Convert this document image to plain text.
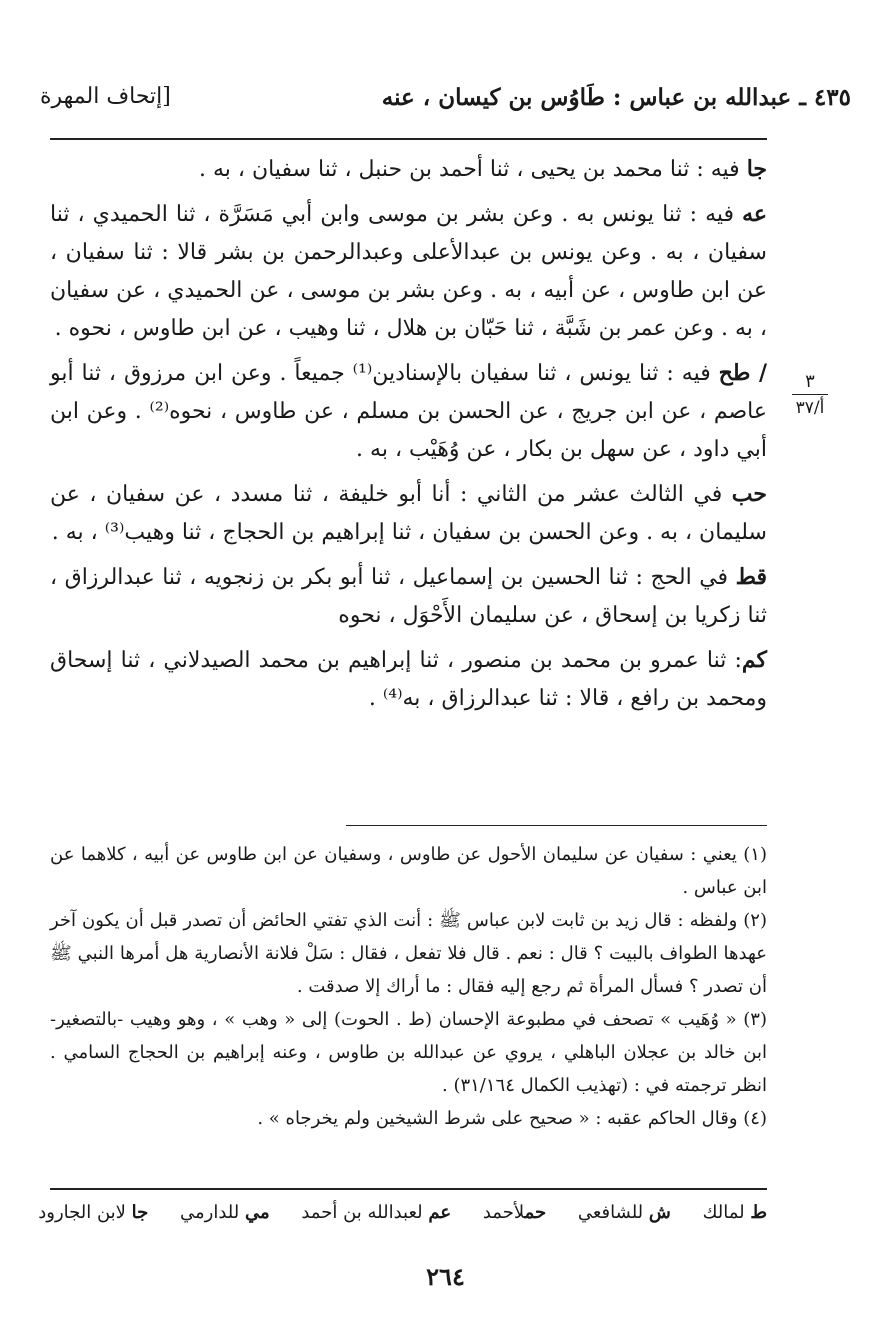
٤٣٥ ـ عبدالله بن عباس : طَاوُس بن كيسان ، عنه
[إتحاف المهرة
٣
أ/٣٧

جا فيه : ثنا محمد بن يحيى ، ثنا أحمد بن حنبل ، ثنا سفيان ، به .

عه فيه : ثنا يونس به . وعن بشر بن موسى وابن أبي مَسَرَّة ، ثنا الحميدي ، ثنا سفيان ، به . وعن يونس بن عبدالأعلى وعبدالرحمن بن بشر قالا : ثنا سفيان ، عن ابن طاوس ، عن أبيه ، به . وعن بشر بن موسى ، عن الحميدي ، عن سفيان ، به . وعن عمر بن شَبَّة ، ثنا حَبّان بن هلال ، ثنا وهيب ، عن ابن طاوس ، نحوه .

/ طح فيه : ثنا يونس ، ثنا سفيان بالإسنادين⁽¹⁾ جميعاً . وعن ابن مرزوق ، ثنا أبو عاصم ، عن ابن جريج ، عن الحسن بن مسلم ، عن طاوس ، نحوه⁽²⁾ . وعن ابن أبي داود ، عن سهل بن بكار ، عن وُهَيْب ، به .

حب في الثالث عشر من الثاني : أنا أبو خليفة ، ثنا مسدد ، عن سفيان ، عن سليمان ، به . وعن الحسن بن سفيان ، ثنا إبراهيم بن الحجاج ، ثنا وهيب⁽³⁾ ، به .

قط في الحج : ثنا الحسين بن إسماعيل ، ثنا أبو بكر بن زنجويه ، ثنا عبدالرزاق ، ثنا زكريا بن إسحاق ، عن سليمان الأَحْوَل ، نحوه

كم: ثنا عمرو بن محمد بن منصور ، ثنا إبراهيم بن محمد الصيدلاني ، ثنا إسحاق ومحمد بن رافع ، قالا : ثنا عبدالرزاق ، به⁽⁴⁾ .

(١) يعني : سفيان عن سليمان الأحول عن طاوس ، وسفيان عن ابن طاوس عن أبيه ، كلاهما عن ابن عباس .

(٢) ولفظه : قال زيد بن ثابت لابن عباس ﷺ : أنت الذي تفتي الحائض أن تصدر قبل أن يكون آخر عهدها الطواف بالبيت ؟ قال : نعم . قال فلا تفعل ، فقال : سَلْ فلانة الأنصارية هل أمرها النبي ﷺ أن تصدر ؟ فسأل المرأة ثم رجع إليه فقال : ما أراك إلا صدقت .

(٣) « وُهَيب » تصحف في مطبوعة الإحسان (ط . الحوت) إلى « وهب » ، وهو وهيب -بالتصغير- ابن خالد بن عجلان الباهلي ، يروي عن عبدالله بن طاوس ، وعنه إبراهيم بن الحجاج السامي . انظر ترجمته في : (تهذيب الكمال ٣١/١٦٤) .

(٤) وقال الحاكم عقبه : « صحيح على شرط الشيخين ولم يخرجاه » .

ط لمالك ش للشافعي حملأحمد عم لعبدالله بن أحمد مي للدارمي جا لابن الجارود
٢٦٤
